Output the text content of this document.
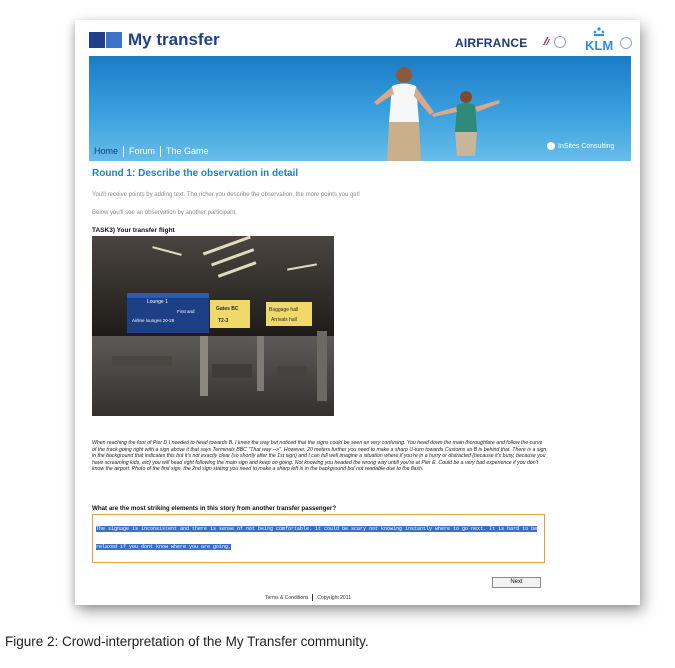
My transfer	AIRFRANCE	KLM
Home	Forum	The Game	InSites Consulting
Round 1: Describe the observation in detail
You'll receive points by adding text. The richer you describe the observation, the more points you get!
Below you'll see an observation by another participant.
TASK3) Your transfer flight
Lounge 1
First and
Airline lounges 20-29
Gates BC
T2-3
Baggage hall
Arrivals hall
When reaching the foot of Pier D I needed to head towards B. I knew the way but noticed that the signs could be seen as very confusing. You head down the main thoroughfare and follow the curve of the track going right with a sign above it that says Terminals BBC "That way -->". However, 20 meters further you need to make a sharp U-turn towards Customs as B is behind that. There is a sign in the background that indicates this but it's not exactly clear (so shortly after the 1st sign) and I can full well imagine a situation where if you're in a hurry or distracted (because it's busy, because you have screaming kids, etc) you will head right following the main sign and keep on going. Not knowing you headed the wrong way untill you're at Pier E. Could be a very bad experience if you don't know the airport. Photo of the first sign, the 2nd sign stating you need to make a sharp left is in the background but not readable due to the flash.
What are the most striking elements in this story from another transfer passenger?
The signage is inconsistent and there is sense of not being comfortable. it could be scary not knowing instantly where to go next. It is hard to be relaxed if you dont know where you are going.
Next
Terms & Conditions Copyright 2011
Figure 2: Crowd-interpretation of the My Transfer community.
